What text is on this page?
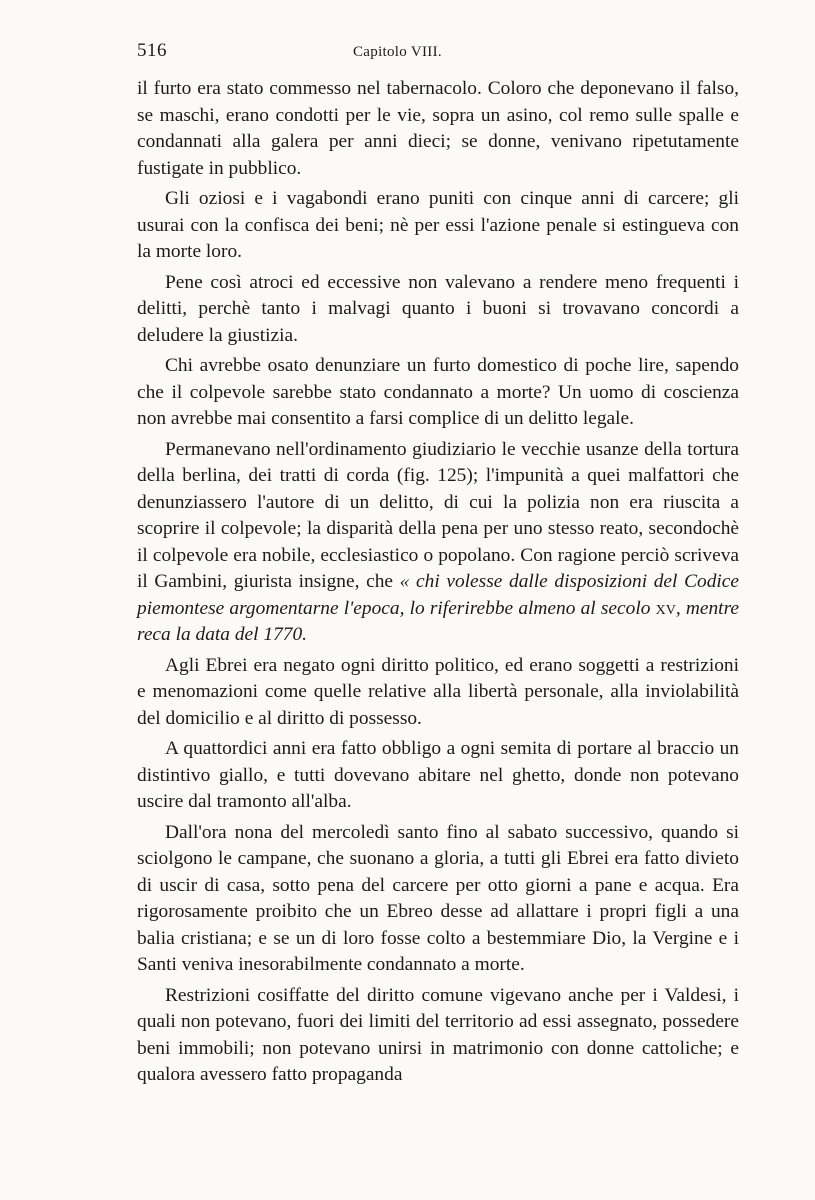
516	Capitolo VIII.

il furto era stato commesso nel tabernacolo. Coloro che deponevano il falso, se maschi, erano condotti per le vie, sopra un asino, col remo sulle spalle e condannati alla galera per anni dieci; se donne, venivano ripetutamente fustigate in pubblico.

Gli oziosi e i vagabondi erano puniti con cinque anni di carcere; gli usurai con la confisca dei beni; nè per essi l'azione penale si estingueva con la morte loro.

Pene così atroci ed eccessive non valevano a rendere meno frequenti i delitti, perchè tanto i malvagi quanto i buoni si trovavano concordi a deludere la giustizia.

Chi avrebbe osato denunziare un furto domestico di poche lire, sapendo che il colpevole sarebbe stato condannato a morte? Un uomo di coscienza non avrebbe mai consentito a farsi complice di un delitto legale.

Permanevano nell'ordinamento giudiziario le vecchie usanze della tortura della berlina, dei tratti di corda (fig. 125); l'impunità a quei malfattori che denunziassero l'autore di un delitto, di cui la polizia non era riuscita a scoprire il colpevole; la disparità della pena per uno stesso reato, secondochè il colpevole era nobile, ecclesiastico o popolano. Con ragione perciò scriveva il Gambini, giurista insigne, che « chi volesse dalle disposizioni del Codice piemontese argomentarne l'epoca, lo riferirebbe almeno al secolo xv, mentre reca la data del 1770.

Agli Ebrei era negato ogni diritto politico, ed erano soggetti a restrizioni e menomazioni come quelle relative alla libertà personale, alla inviolabilità del domicilio e al diritto di possesso.

A quattordici anni era fatto obbligo a ogni semita di portare al braccio un distintivo giallo, e tutti dovevano abitare nel ghetto, donde non potevano uscire dal tramonto all'alba.

Dall'ora nona del mercoledì santo fino al sabato successivo, quando si sciolgono le campane, che suonano a gloria, a tutti gli Ebrei era fatto divieto di uscir di casa, sotto pena del carcere per otto giorni a pane e acqua. Era rigorosamente proibito che un Ebreo desse ad allattare i propri figli a una balia cristiana; e se un di loro fosse colto a bestemmiare Dio, la Vergine e i Santi veniva inesorabilmente condannato a morte.

Restrizioni cosiffatte del diritto comune vigevano anche per i Valdesi, i quali non potevano, fuori dei limiti del territorio ad essi assegnato, possedere beni immobili; non potevano unirsi in matrimonio con donne cattoliche; e qualora avessero fatto propaganda
